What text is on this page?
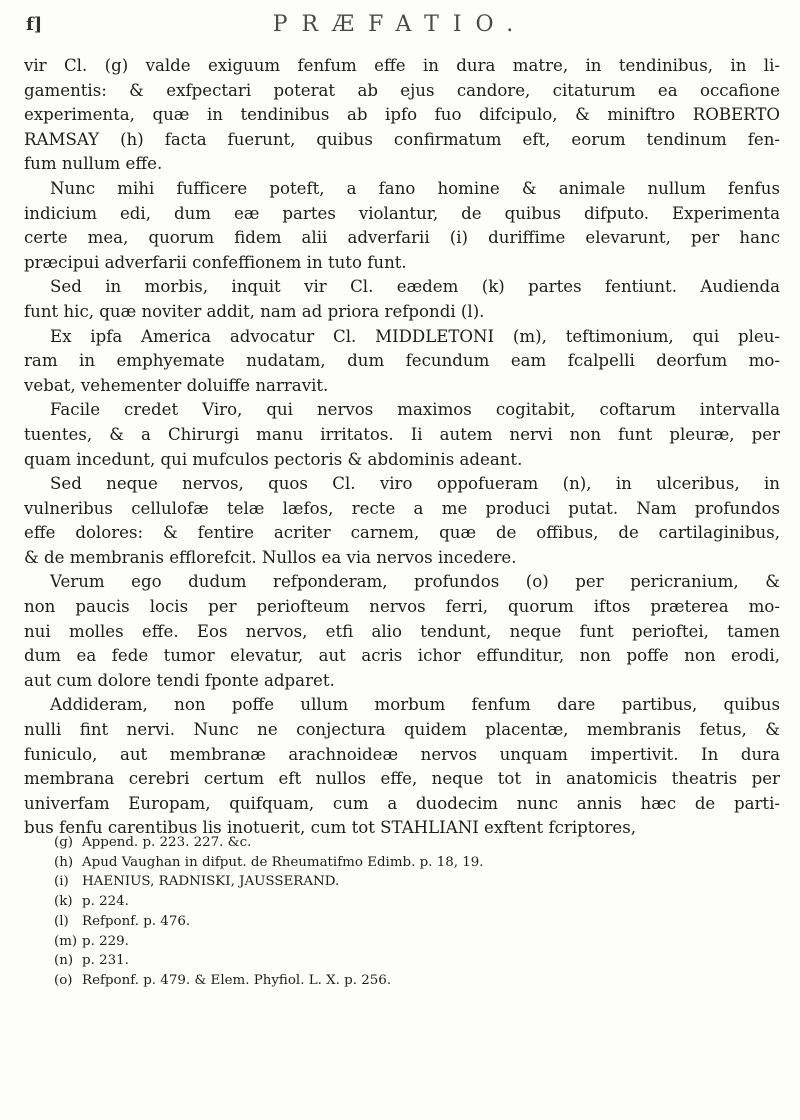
f]	PRÆFATIO.

vir Cl. (g) valde exiguum fenfum effe in dura matre, in tendinibus, in li-

gamentis: & exfpectari poterat ab ejus candore, citaturum ea occafione

experimenta, quæ in tendinibus ab ipfo fuo difcipulo, & miniftro ROBERTO

RAMSAY (h) facta fuerunt, quibus confirmatum eft, eorum tendinum fen-

fum nullum effe.

Nunc mihi fufficere poteft, a fano homine & animale nullum fenfus

indicium edi, dum eæ partes violantur, de quibus difputo. Experimenta

certe mea, quorum fidem alii adverfarii (i) duriffime elevarunt, per hanc

præcipui adverfarii confeffionem in tuto funt.

Sed in morbis, inquit vir Cl. eædem (k) partes fentiunt. Audienda

funt hic, quæ noviter addit, nam ad priora refpondi (l).

Ex ipfa America advocatur Cl. MIDDLETONI (m), teftimonium, qui pleu-

ram in emphyemate nudatam, dum fecundum eam fcalpelli deorfum mo-

vebat, vehementer doluiffe narravit.

Facile credet Viro, qui nervos maximos cogitabit, coftarum intervalla

tuentes, & a Chirurgi manu irritatos. Ii autem nervi non funt pleuræ, per

quam incedunt, qui mufculos pectoris & abdominis adeant.

Sed neque nervos, quos Cl. viro oppofueram (n), in ulceribus, in

vulneribus cellulofæ telæ læfos, recte a me produci putat. Nam profundos

effe dolores: & fentire acriter carnem, quæ de offibus, de cartilaginibus,

& de membranis efflorefcit. Nullos ea via nervos incedere.

Verum ego dudum refponderam, profundos (o) per pericranium, &

non paucis locis per periofteum nervos ferri, quorum iftos præterea mo-

nui molles effe. Eos nervos, etfi alio tendunt, neque funt perioftei, tamen

dum ea fede tumor elevatur, aut acris ichor effunditur, non poffe non erodi,

aut cum dolore tendi fponte adparet.

Addideram, non poffe ullum morbum fenfum dare partibus, quibus

nulli fint nervi. Nunc ne conjectura quidem placentæ, membranis fetus, &

funiculo, aut membranæ arachnoideæ nervos unquam impertivit. In dura

membrana cerebri certum eft nullos effe, neque tot in anatomicis theatris per

univerfam Europam, quifquam, cum a duodecim nunc annis hæc de parti-

bus fenfu carentibus lis inotuerit, cum tot STAHLIANI exftent fcriptores,

(g) Append. p. 223. 227. &c.
(h) Apud Vaughan in difput. de Rheumatifmo Edimb. p. 18, 19.
(i) HAENIUS, RADNISKI, JAUSSERAND.
(k) p. 224.
(l) Refponf. p. 476.
(m) p. 229.
(n) p. 231.
(o) Refponf. p. 479. & Elem. Phyfiol. L. X. p. 256.
